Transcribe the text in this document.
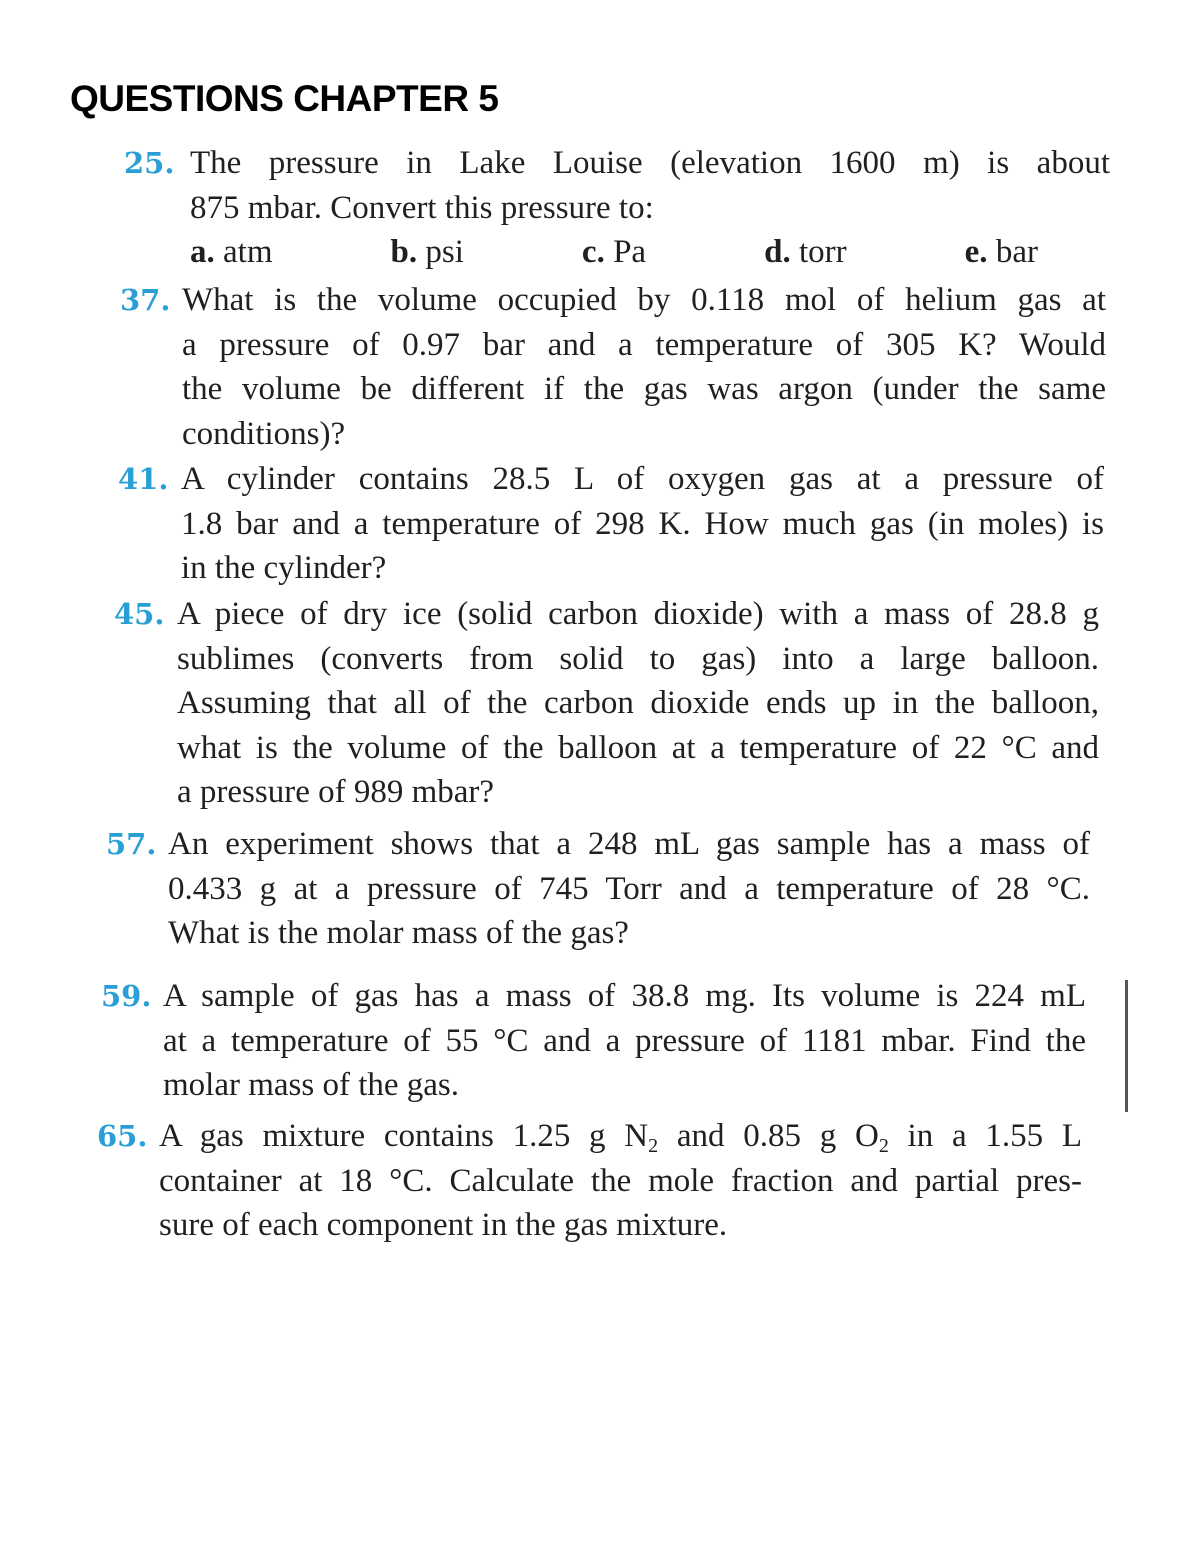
QUESTIONS CHAPTER 5
25. The pressure in Lake Louise (elevation 1600 m) is about
875 mbar. Convert this pressure to:
a. atm	b. psi	c. Pa	d. torr	e. bar
37. What is the volume occupied by 0.118 mol of helium gas at
a pressure of 0.97 bar and a temperature of 305 K? Would
the volume be different if the gas was argon (under the same
conditions)?
41. A cylinder contains 28.5 L of oxygen gas at a pressure of
1.8 bar and a temperature of 298 K. How much gas (in moles) is
in the cylinder?
45. A piece of dry ice (solid carbon dioxide) with a mass of 28.8 g
sublimes (converts from solid to gas) into a large balloon.
Assuming that all of the carbon dioxide ends up in the balloon,
what is the volume of the balloon at a temperature of 22 °C and
a pressure of 989 mbar?
57. An experiment shows that a 248 mL gas sample has a mass of
0.433 g at a pressure of 745 Torr and a temperature of 28 °C.
What is the molar mass of the gas?
59. A sample of gas has a mass of 38.8 mg. Its volume is 224 mL
at a temperature of 55 °C and a pressure of 1181 mbar. Find the
molar mass of the gas.
65. A gas mixture contains 1.25 g $N_2$ and 0.85 g $O_2$ in a 1.55 L
container at 18 °C. Calculate the mole fraction and partial pres-
sure of each component in the gas mixture.
